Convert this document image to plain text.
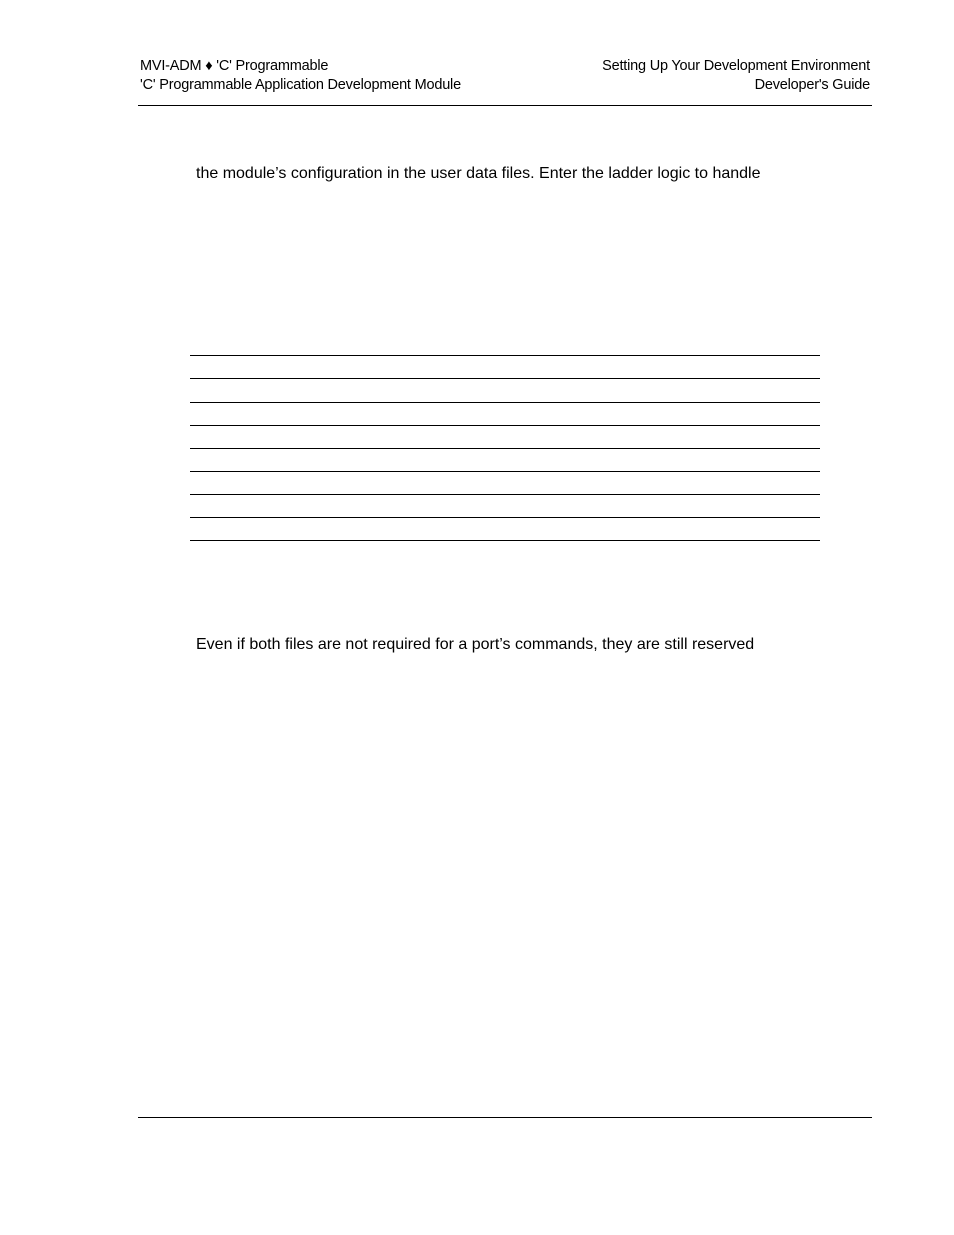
MVI-ADM ♦ 'C' Programmable
'C' Programmable Application Development Module
Setting Up Your Development Environment
Developer's Guide
the module’s configuration in the user data files. Enter the ladder logic to handle
Even if both files are not required for a port’s commands, they are still reserved
